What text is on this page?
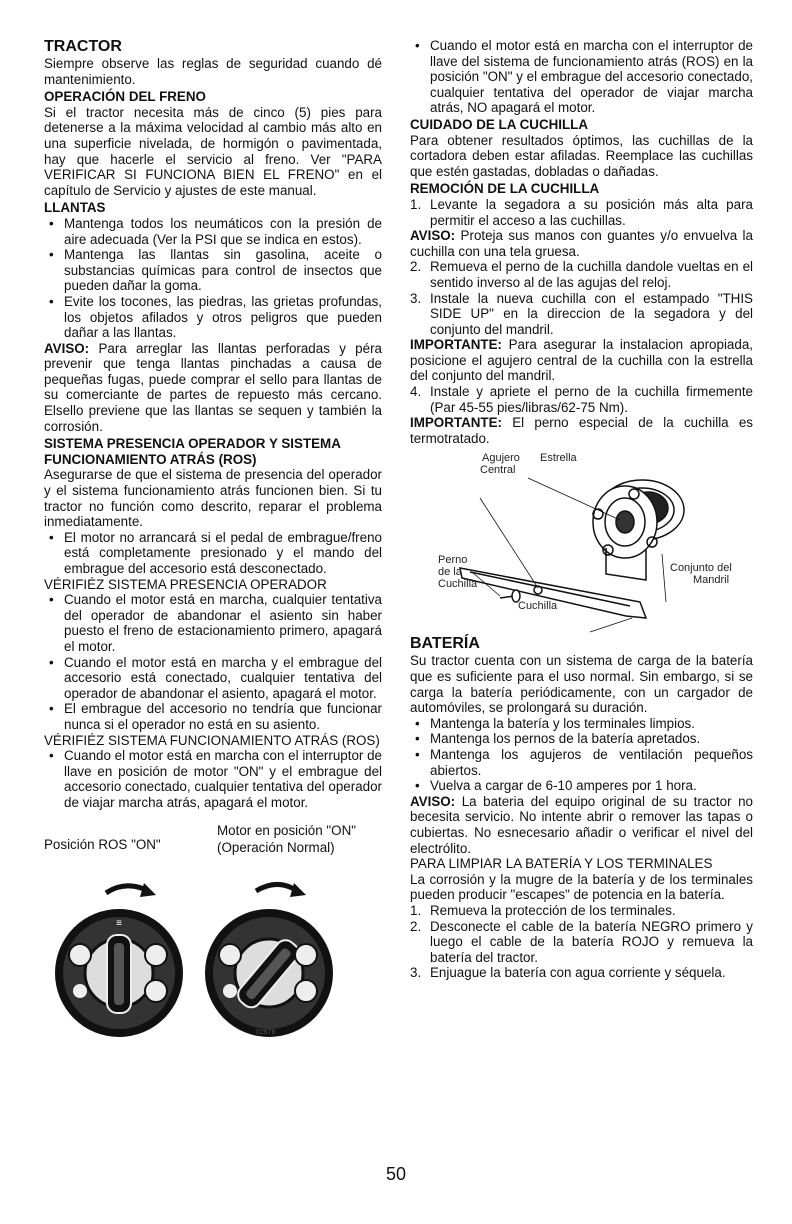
TRACTOR

Siempre observe las reglas de seguridad cuando dé mantenimiento.

OPERACIÓN DEL FRENO

Si el tractor necesita más de cinco (5) pies para detenerse a la máxima velocidad al cambio más alto en una superficie nivelada, de hormigón o pavimentada, hay que hacerle el servicio al freno. Ver "PARA VERIFICAR SI FUNCIONA BIEN EL FRENO" en el capítulo de Servicio y ajustes de este manual.

LLANTAS
• Mantenga todos los neumáticos con la presión de aire adecuada (Ver la PSI que se indica en estos).
• Mantenga las llantas sin gasolina, aceite o substancias químicas para control de insectos que pueden dañar la goma.
• Evite los tocones, las piedras, las grietas profundas, los objetos afilados y otros peligros que pueden dañar a las llantas.

AVISO: Para arreglar las llantas perforadas y péra prevenir que tenga llantas pinchadas a causa de pequeñas fugas, puede comprar el sello para llantas de su comerciante de partes de repuesto más cercano. Elsello previene que las llantas se sequen y también la corrosión.

SISTEMA PRESENCIA OPERADOR Y SISTEMA FUNCIONAMIENTO ATRÁS (ROS)

Asegurarse de que el sistema de presencia del operador y el sistema funcionamiento atrás funcionen bien. Si tu tractor no función como descrito, reparar el problema inmediatamente.

• El motor no arrancará si el pedal de embrague/freno está completamente presionado y el mando del embrague del accesorio está desconectado.
VÉRIFIÉZ SISTEMA PRESENCIA OPERADOR
• Cuando el motor está en marcha, cualquier tentativa del operador de abandonar el asiento sin haber puesto el freno de estacionamiento primero, apagará el motor.
• Cuando el motor está en marcha y el embrague del accesorio está conectado, cualquier tentativa del operador de abandonar el asiento, apagará el motor.
• El embrague del accesorio no tendría que funcionar nunca si el operador no está en su asiento.
VÉRIFIÉZ SISTEMA FUNCIONAMIENTO ATRÁS (ROS)
• Cuando el motor está en marcha con el interruptor de llave en posición de motor "ON" y el embrague del accesorio conectado, cualquier tentativa del operador de viajar marcha atrás, apagará el motor.
Posición ROS "ON"
Motor en posición "ON"
(Operación Normal)
≡
02678
• Cuando el motor está en marcha con el interruptor de llave del sistema de funcionamiento atrás (ROS) en la posición "ON" y el embrague del accesorio conectado, cualquier tentativa del operador de viajar marcha atrás, NO apagará el motor.
CUIDADO DE LA CUCHILLA

Para obtener resultados óptimos, las cuchillas de la cortadora deben estar afiladas. Reemplace las cuchillas que estén gastadas, dobladas o dañadas.

REMOCIÓN DE LA CUCHILLA
1. Levante la segadora a su posición más alta para permitir el acceso a las cuchillas.

AVISO: Proteja sus manos con guantes y/o envuelva la cuchilla con una tela gruesa.

2. Remueva el perno de la cuchilla dandole vueltas en el sentido inverso al de las agujas del reloj.
3. Instale la nueva cuchilla con el estampado "THIS SIDE UP" en la direccion de la segadora y del conjunto del mandril.

IMPORTANTE: Para asegurar la instalacion apropiada, posicione el agujero central de la cuchilla con la estrella del conjunto del mandril.

4. Instale y apriete el perno de la cuchilla firmemente (Par 45-55 pies/libras/62-75 Nm).

IMPORTANTE: El perno especial de la cuchilla es termotratado.

Agujero
Central
Estrella
Perno
de la
Cuchilla
Conjunto del
Mandril
Cuchilla
BATERÍA

Su tractor cuenta con un sistema de carga de la batería que es suficiente para el uso normal. Sin embargo, si se carga la batería periódicamente, con un cargador de automóviles, se prolongará su duración.

• Mantenga la batería y los terminales limpios.
• Mantenga los pernos de la batería apretados.
• Mantenga los agujeros de ventilación pequeños abiertos.
• Vuelva a cargar de 6-10 amperes por 1 hora.

AVISO: La bateria del equipo original de su tractor no becesita servicio. No intente abrir o remover las tapas o cubiertas. No esnecesario añadir o verificar el nivel del electrólito.

PARA LIMPIAR LA BATERÍA Y LOS TERMINALES

La corrosión y la mugre de la batería y de los terminales pueden producir "escapes" de potencia en la batería.

1. Remueva la protección de los terminales.
2. Desconecte el cable de la batería NEGRO primero y luego el cable de la batería ROJO y remueva la batería del tractor.
3. Enjuague la batería con agua corriente y séquela.
50
